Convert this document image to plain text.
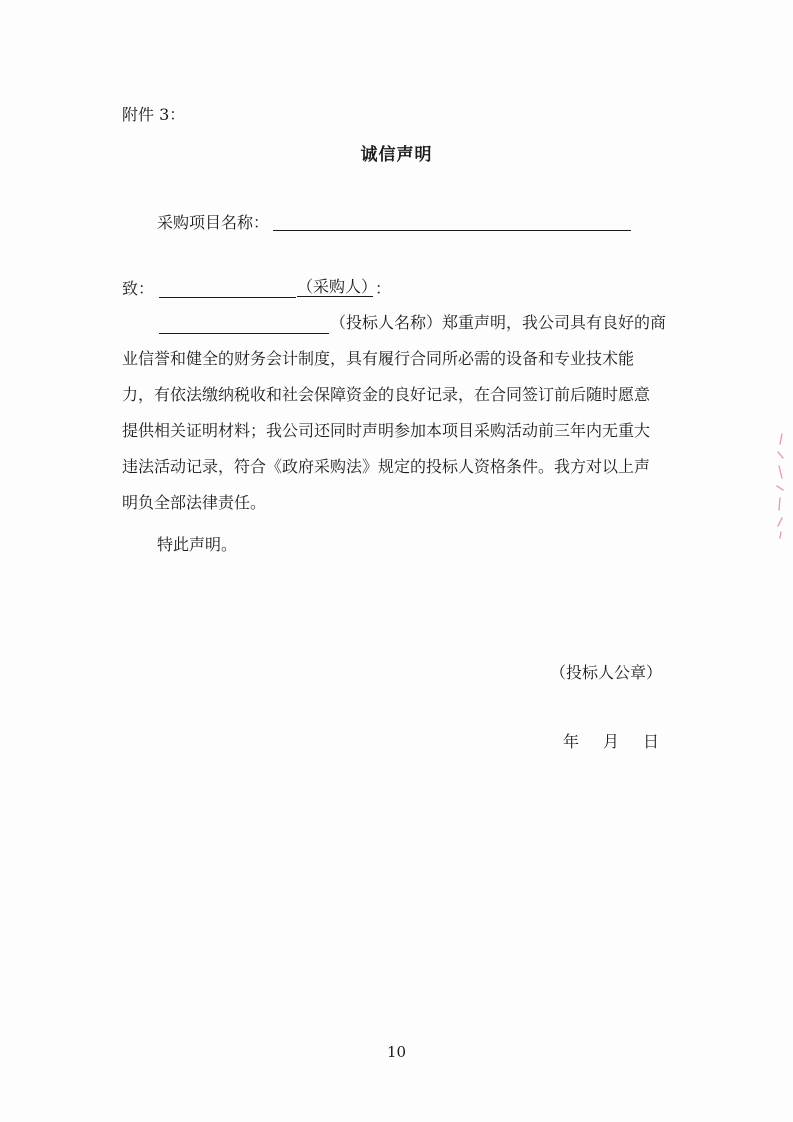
附件 3：
诚信声明
采购项目名称：
致：	（采购人）
：
（投标人名称）郑重声明，我公司具有良好的商
业信誉和健全的财务会计制度，具有履行合同所必需的设备和专业技术能
力，有依法缴纳税收和社会保障资金的良好记录，在合同签订前后随时愿意
提供相关证明材料；我公司还同时声明参加本项目采购活动前三年内无重大
违法活动记录，符合《政府采购法》规定的投标人资格条件。我方对以上声
明负全部法律责任。
特此声明。
（投标人公章）
年 月 日
10
